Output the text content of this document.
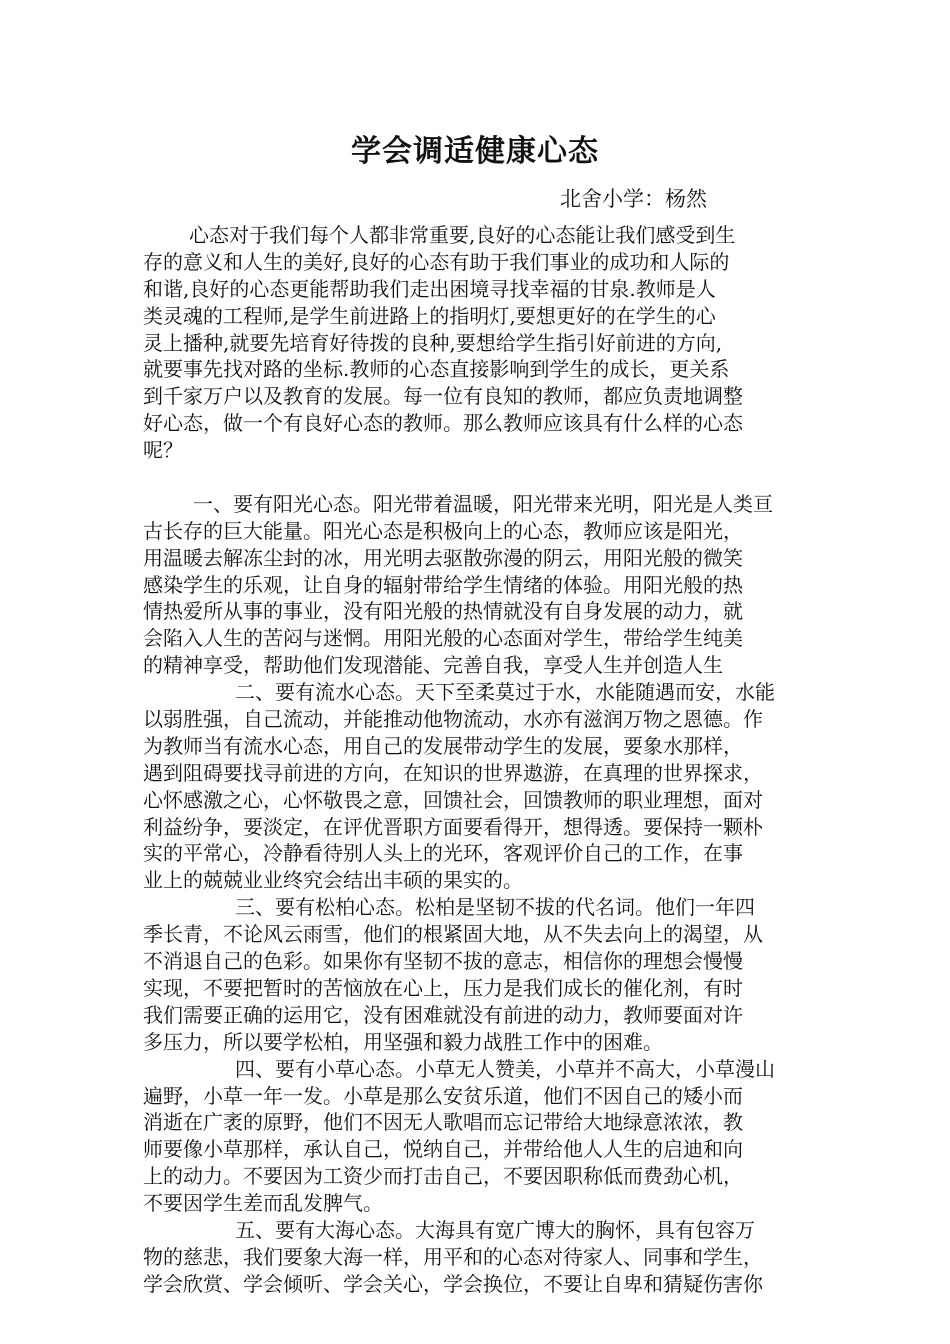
学会调适健康心态

北舍小学：杨然

心态对于我们每个人都非常重要,良好的心态能让我们感受到生
存的意义和人生的美好,良好的心态有助于我们事业的成功和人际的
和谐,良好的心态更能帮助我们走出困境寻找幸福的甘泉.教师是人
类灵魂的工程师,是学生前进路上的指明灯,要想更好的在学生的心
灵上播种,就要先培育好待拨的良种,要想给学生指引好前进的方向,
就要事先找对路的坐标.教师的心态直接影响到学生的成长，更关系
到千家万户以及教育的发展。每一位有良知的教师，都应负责地调整
好心态，做一个有良好心态的教师。那么教师应该具有什么样的心态
呢？
一、要有阳光心态。阳光带着温暖，阳光带来光明，阳光是人类亘
古长存的巨大能量。阳光心态是积极向上的心态，教师应该是阳光，
用温暖去解冻尘封的冰，用光明去驱散弥漫的阴云，用阳光般的微笑
感染学生的乐观，让自身的辐射带给学生情绪的体验。用阳光般的热
情热爱所从事的事业，没有阳光般的热情就没有自身发展的动力，就
会陷入人生的苦闷与迷惘。用阳光般的心态面对学生，带给学生纯美
的精神享受，帮助他们发现潜能、完善自我，享受人生并创造人生
二、要有流水心态。天下至柔莫过于水，水能随遇而安，水能
以弱胜强，自己流动，并能推动他物流动，水亦有滋润万物之恩德。作
为教师当有流水心态，用自己的发展带动学生的发展，要象水那样，
遇到阻碍要找寻前进的方向，在知识的世界遨游，在真理的世界探求，
心怀感激之心，心怀敬畏之意，回馈社会，回馈教师的职业理想，面对
利益纷争，要淡定，在评优晋职方面要看得开，想得透。要保持一颗朴
实的平常心，冷静看待别人头上的光环，客观评价自己的工作，在事
业上的兢兢业业终究会结出丰硕的果实的。
三、要有松柏心态。松柏是坚韧不拔的代名词。他们一年四
季长青，不论风云雨雪，他们的根紧固大地，从不失去向上的渴望，从
不消退自己的色彩。如果你有坚韧不拔的意志，相信你的理想会慢慢
实现，不要把暂时的苦恼放在心上，压力是我们成长的催化剂，有时
我们需要正确的运用它，没有困难就没有前进的动力，教师要面对许
多压力，所以要学松柏，用坚强和毅力战胜工作中的困难。
四、要有小草心态。小草无人赞美，小草并不高大，小草漫山
遍野，小草一年一发。小草是那么安贫乐道，他们不因自己的矮小而
消逝在广袤的原野，他们不因无人歌唱而忘记带给大地绿意浓浓，教
师要像小草那样，承认自己，悦纳自己，并带给他人人生的启迪和向
上的动力。不要因为工资少而打击自己，不要因职称低而费劲心机，
不要因学生差而乱发脾气。
五、要有大海心态。大海具有宽广博大的胸怀，具有包容万
物的慈悲，我们要象大海一样，用平和的心态对待家人、同事和学生，
学会欣赏、学会倾听、学会关心，学会换位，不要让自卑和猜疑伤害你
